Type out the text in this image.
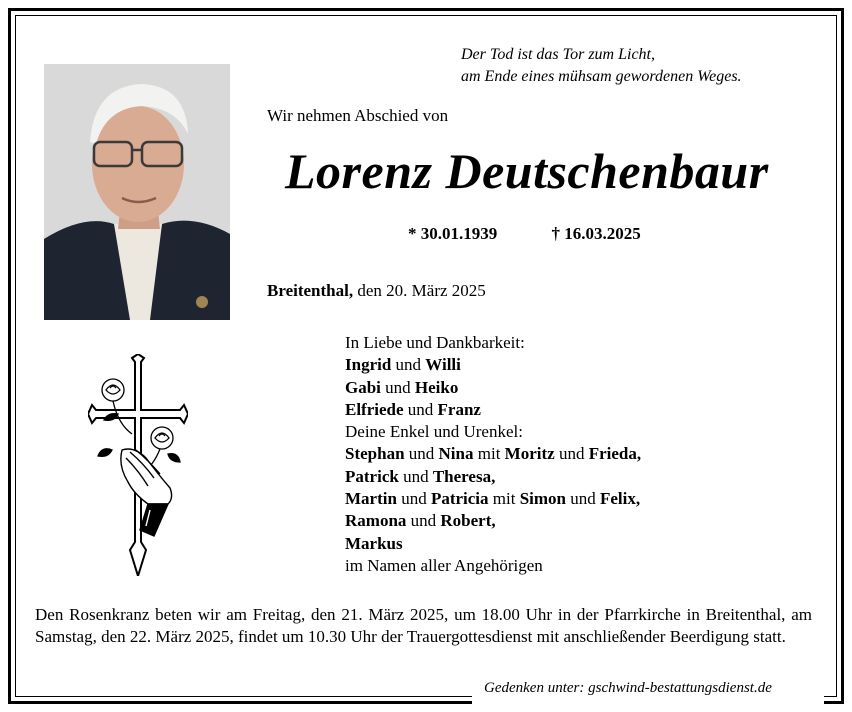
Der Tod ist das Tor zum Licht,
am Ende eines mühsam gewordenen Weges.
Wir nehmen Abschied von
Lorenz Deutschenbaur
* 30.01.1939	† 16.03.2025
Breitenthal, den 20. März 2025
In Liebe und Dankbarkeit:
Ingrid und Willi
Gabi und Heiko
Elfriede und Franz
Deine Enkel und Urenkel:
Stephan und Nina mit Moritz und Frieda,
Patrick und Theresa,
Martin und Patricia mit Simon und Felix,
Ramona und Robert,
Markus
im Namen aller Angehörigen
Den Rosenkranz beten wir am Freitag, den 21. März 2025, um 18.00 Uhr in der Pfarrkirche in Breitenthal, am Samstag, den 22. März 2025, findet um 10.30 Uhr der Trauergottesdienst mit anschließender Beerdigung statt.
Gedenken unter: gschwind-bestattungsdienst.de
